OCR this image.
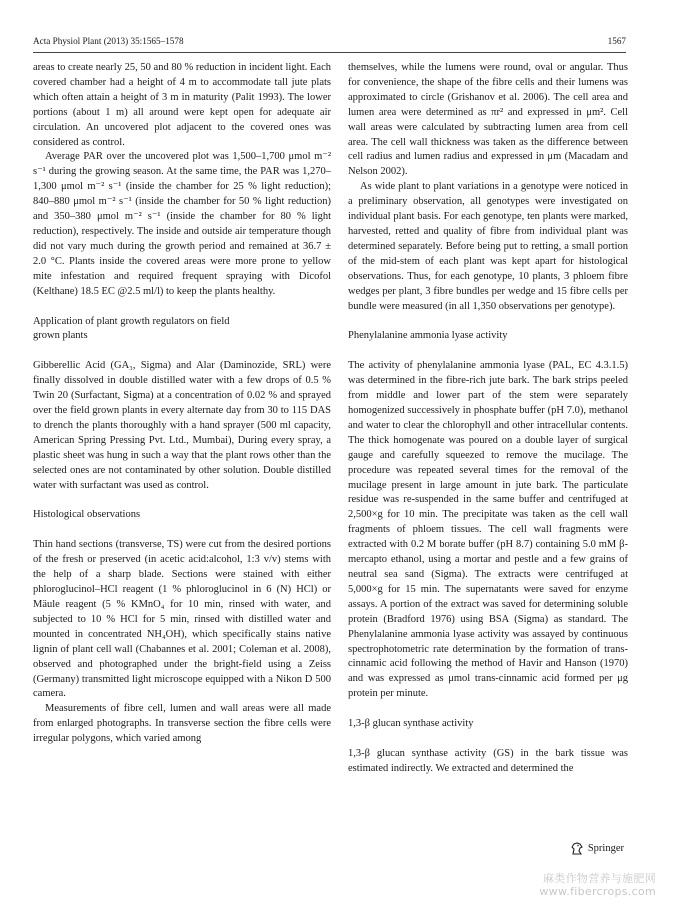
Acta Physiol Plant (2013) 35:1565–1578	1567

areas to create nearly 25, 50 and 80 % reduction in incident light. Each covered chamber had a height of 4 m to accommodate tall jute plats which often attain a height of 3 m in maturity (Palit 1993). The lower portions (about 1 m) all around were kept open for adequate air circulation. An uncovered plot adjacent to the covered ones was considered as control.

Average PAR over the uncovered plot was 1,500–1,700 μmol m⁻² s⁻¹ during the growing season. At the same time, the PAR was 1,270–1,300 μmol m⁻² s⁻¹ (inside the chamber for 25 % light reduction); 840–880 μmol m⁻² s⁻¹ (inside the chamber for 50 % light reduction) and 350–380 μmol m⁻² s⁻¹ (inside the chamber for 80 % light reduction), respectively. The inside and outside air temperature though did not vary much during the growth period and remained at 36.7 ± 2.0 °C. Plants inside the covered areas were more prone to yellow mite infestation and required frequent spraying with Dicofol (Kelthane) 18.5 EC @2.5 ml/l) to keep the plants healthy.

Application of plant growth regulators on field
grown plants

Gibberellic Acid (GA₃, Sigma) and Alar (Daminozide, SRL) were finally dissolved in double distilled water with a few drops of 0.5 % Twin 20 (Surfactant, Sigma) at a concentration of 0.02 % and sprayed over the field grown plants in every alternate day from 30 to 115 DAS to drench the plants thoroughly with a hand sprayer (500 ml capacity, American Spring Pressing Pvt. Ltd., Mumbai), During every spray, a plastic sheet was hung in such a way that the plant rows other than the selected ones are not contaminated by other solution. Double distilled water with surfactant was used as control.

Histological observations

Thin hand sections (transverse, TS) were cut from the desired portions of the fresh or preserved (in acetic acid:alcohol, 1:3 v/v) stems with the help of a sharp blade. Sections were stained with either phloroglucinol–HCl reagent (1 % phloroglucinol in 6 (N) HCl) or Mäule reagent (5 % KMnO₄ for 10 min, rinsed with water, and subjected to 10 % HCl for 5 min, rinsed with distilled water and mounted in concentrated NH₄OH), which specifically stains native lignin of plant cell wall (Chabannes et al. 2001; Coleman et al. 2008), observed and photographed under the bright-field using a Zeiss (Germany) transmitted light microscope equipped with a Nikon D 500 camera.

Measurements of fibre cell, lumen and wall areas were all made from enlarged photographs. In transverse section the fibre cells were irregular polygons, which varied among

themselves, while the lumens were round, oval or angular. Thus for convenience, the shape of the fibre cells and their lumens was approximated to circle (Grishanov et al. 2006). The cell area and lumen area were determined as πr² and expressed in μm². Cell wall areas were calculated by subtracting lumen area from cell area. The cell wall thickness was taken as the difference between cell radius and lumen radius and expressed in μm (Macadam and Nelson 2002).

As wide plant to plant variations in a genotype were noticed in a preliminary observation, all genotypes were investigated on individual plant basis. For each genotype, ten plants were marked, harvested, retted and quality of fibre from individual plant was determined separately. Before being put to retting, a small portion of the mid-stem of each plant was kept apart for histological observations. Thus, for each genotype, 10 plants, 3 phloem fibre wedges per plant, 3 fibre bundles per wedge and 15 fibre cells per bundle were measured (in all 1,350 observations per genotype).

Phenylalanine ammonia lyase activity

The activity of phenylalanine ammonia lyase (PAL, EC 4.3.1.5) was determined in the fibre-rich jute bark. The bark strips peeled from middle and lower part of the stem were separately homogenized successively in phosphate buffer (pH 7.0), methanol and water to clear the chlorophyll and other intracellular contents. The thick homogenate was poured on a double layer of surgical gauge and carefully squeezed to remove the mucilage. The procedure was repeated several times for the removal of the mucilage present in large amount in jute bark. The particulate residue was re-suspended in the same buffer and centrifuged at 2,500×g for 10 min. The precipitate was taken as the cell wall fragments of phloem tissues. The cell wall fragments were extracted with 0.2 M borate buffer (pH 8.7) containing 5.0 mM β-mercapto ethanol, using a mortar and pestle and a few grains of neutral sea sand (Sigma). The extracts were centrifuged at 5,000×g for 15 min. The supernatants were saved for enzyme assays. A portion of the extract was saved for determining soluble protein (Bradford 1976) using BSA (Sigma) as standard. The Phenylalanine ammonia lyase activity was assayed by continuous spectrophotometric rate determination by the formation of trans-cinnamic acid following the method of Havir and Hanson (1970) and was expressed as μmol trans-cinnamic acid formed per μg protein per minute.

1,3-β glucan synthase activity

1,3-β glucan synthase activity (GS) in the bark tissue was estimated indirectly. We extracted and determined the

Springer
麻类作物营养与施肥网
www.fibercrops.com
